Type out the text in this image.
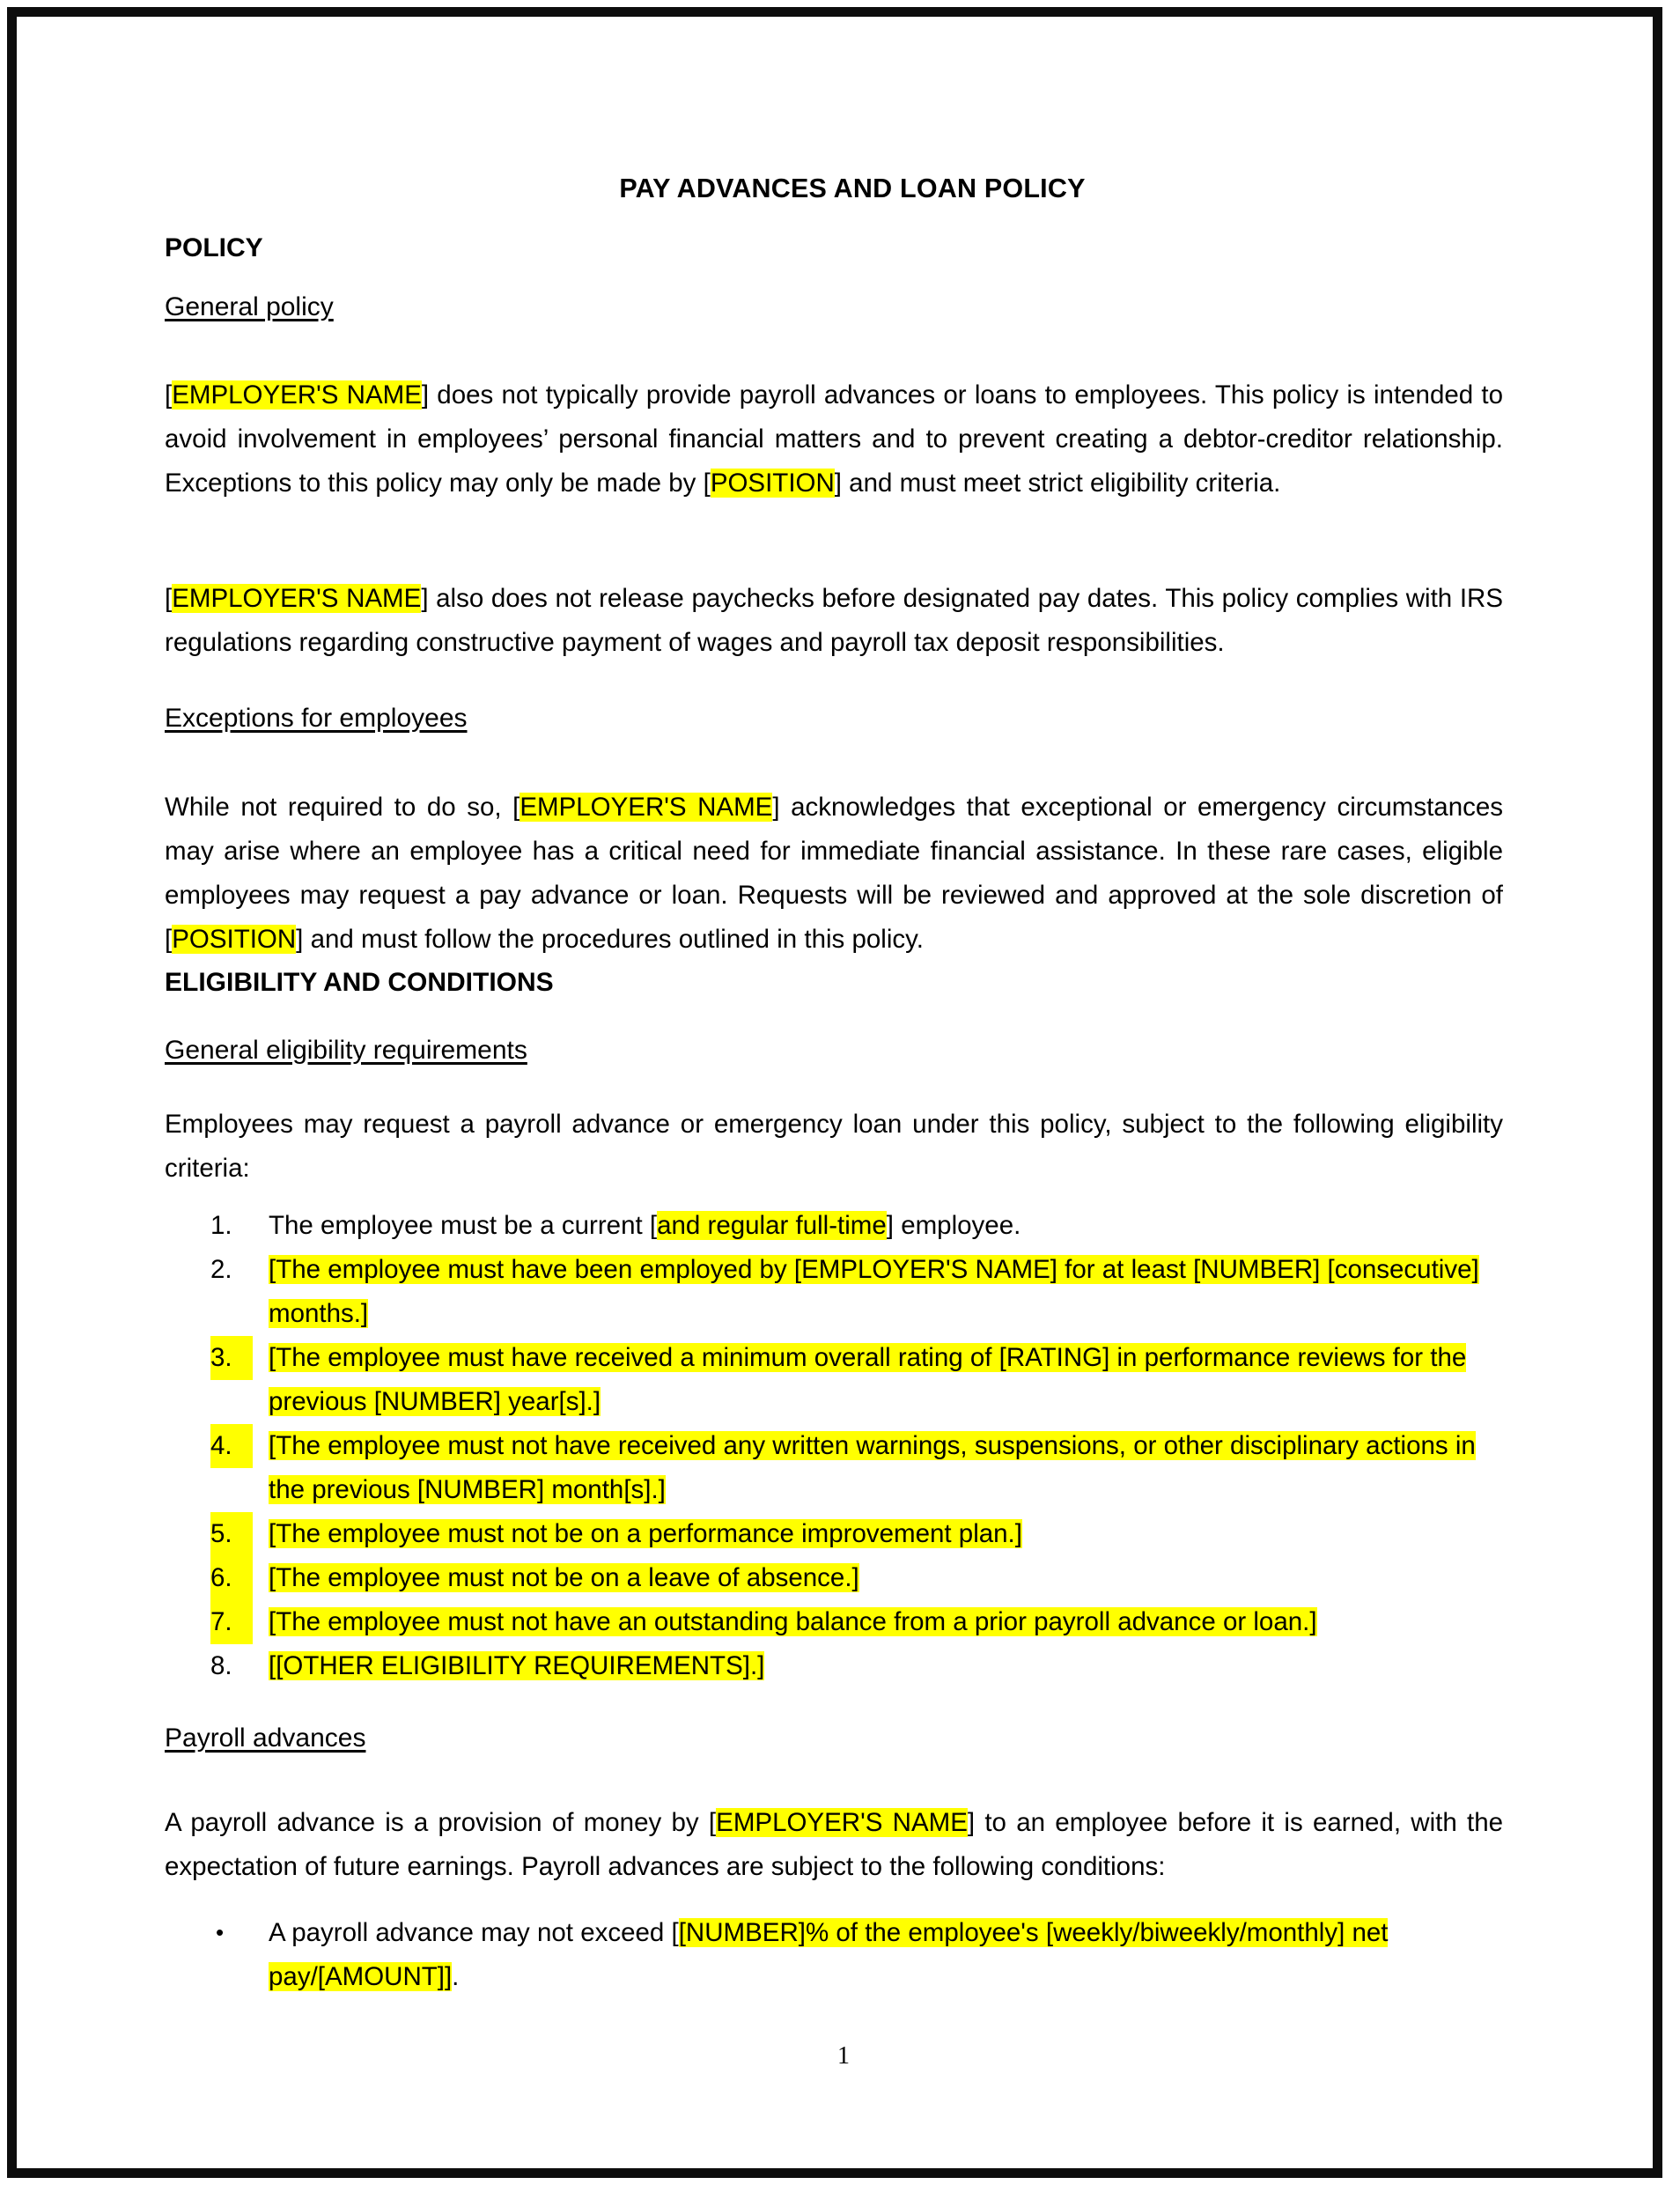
PAY ADVANCES AND LOAN POLICY
POLICY
General policy

[EMPLOYER'S NAME] does not typically provide payroll advances or loans to employees. This policy is intended to avoid involvement in employees’ personal financial matters and to prevent creating a debtor-creditor relationship. Exceptions to this policy may only be made by [POSITION] and must meet strict eligibility criteria.

[EMPLOYER'S NAME] also does not release paychecks before designated pay dates. This policy complies with IRS regulations regarding constructive payment of wages and payroll tax deposit responsibilities.

Exceptions for employees

While not required to do so, [EMPLOYER'S NAME] acknowledges that exceptional or emergency circumstances may arise where an employee has a critical need for immediate financial assistance. In these rare cases, eligible employees may request a pay advance or loan. Requests will be reviewed and approved at the sole discretion of [POSITION] and must follow the procedures outlined in this policy.

ELIGIBILITY AND CONDITIONS
General eligibility requirements

Employees may request a payroll advance or emergency loan under this policy, subject to the following eligibility criteria:

1.	The employee must be a current [and regular full-time] employee.
2.	[The employee must have been employed by [EMPLOYER'S NAME] for at least [NUMBER] [consecutive] months.]
3.	[The employee must have received a minimum overall rating of [RATING] in performance reviews for the previous [NUMBER] year[s].]
4.	[The employee must not have received any written warnings, suspensions, or other disciplinary actions in the previous [NUMBER] month[s].]
5.	[The employee must not be on a performance improvement plan.]
6.	[The employee must not be on a leave of absence.]
7.	[The employee must not have an outstanding balance from a prior payroll advance or loan.]
8.	[[OTHER ELIGIBILITY REQUIREMENTS].]
Payroll advances

A payroll advance is a provision of money by [EMPLOYER'S NAME] to an employee before it is earned, with the expectation of future earnings. Payroll advances are subject to the following conditions:

• A payroll advance may not exceed [[NUMBER]% of the employee's [weekly/biweekly/monthly] net pay/[AMOUNT]].
1
